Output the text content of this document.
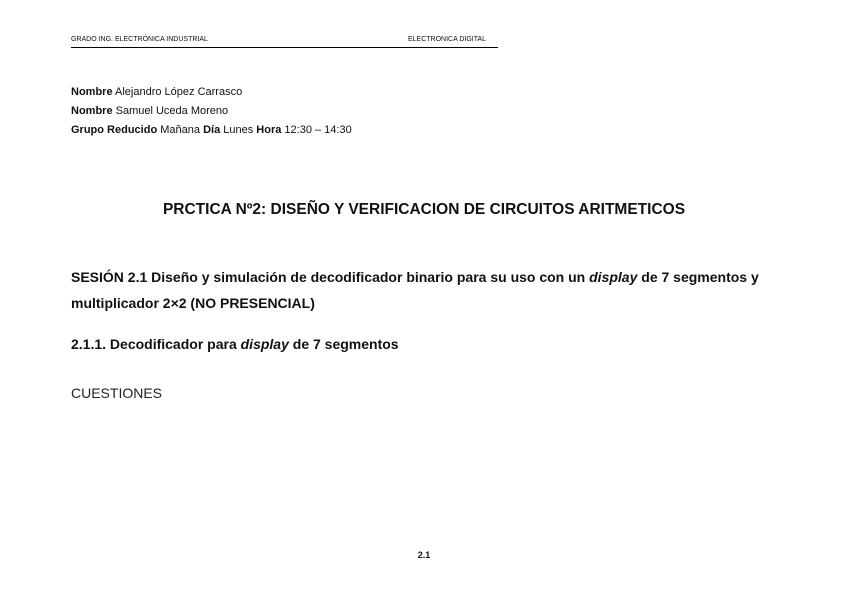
GRADO ING. ELECTRÓNICA INDUSTRIAL	ELECTRONICA DIGITAL
Nombre Alejandro López Carrasco
Nombre Samuel Uceda Moreno
Grupo Reducido Mañana Día Lunes Hora 12:30 – 14:30
PRCTICA Nº2: DISEÑO Y VERIFICACION DE CIRCUITOS ARITMETICOS
SESIÓN 2.1 Diseño y simulación de decodificador binario para su uso con un display de 7 segmentos y
multiplicador 2×2 (NO PRESENCIAL)
2.1.1. Decodificador para display de 7 segmentos
CUESTIONES
2.1
